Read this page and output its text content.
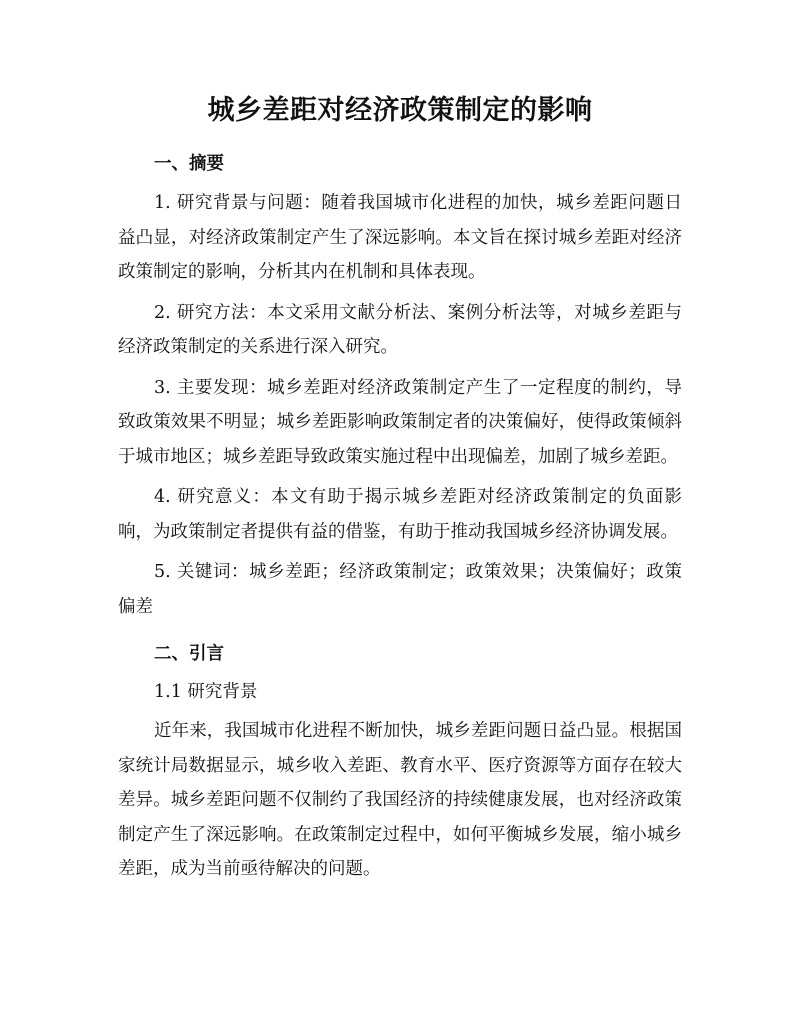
城乡差距对经济政策制定的影响
一、摘要

1. 研究背景与问题：随着我国城市化进程的加快，城乡差距问题日益凸显，对经济政策制定产生了深远影响。本文旨在探讨城乡差距对经济政策制定的影响，分析其内在机制和具体表现。

2. 研究方法：本文采用文献分析法、案例分析法等，对城乡差距与经济政策制定的关系进行深入研究。

3. 主要发现：城乡差距对经济政策制定产生了一定程度的制约，导致政策效果不明显；城乡差距影响政策制定者的决策偏好，使得政策倾斜于城市地区；城乡差距导致政策实施过程中出现偏差，加剧了城乡差距。

4. 研究意义：本文有助于揭示城乡差距对经济政策制定的负面影响，为政策制定者提供有益的借鉴，有助于推动我国城乡经济协调发展。

5. 关键词：城乡差距；经济政策制定；政策效果；决策偏好；政策偏差

二、引言
1.1 研究背景

近年来，我国城市化进程不断加快，城乡差距问题日益凸显。根据国家统计局数据显示，城乡收入差距、教育水平、医疗资源等方面存在较大差异。城乡差距问题不仅制约了我国经济的持续健康发展，也对经济政策制定产生了深远影响。在政策制定过程中，如何平衡城乡发展，缩小城乡差距，成为当前亟待解决的问题。
